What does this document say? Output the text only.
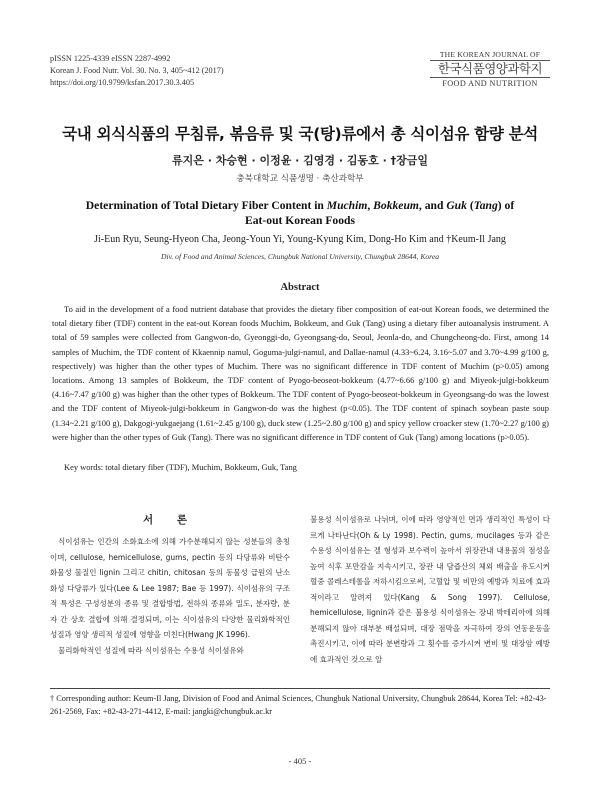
pISSN 1225-4339 eISSN 2287-4992
Korean J. Food Nutr. Vol. 30. No. 3, 405~412 (2017)
https://doi.org/10.9799/ksfan.2017.30.3.405
THE KOREAN JOURNAL OF
한국식품영양과학지
FOOD AND NUTRITION
국내 외식식품의 무침류, 볶음류 및 국(탕)류에서 총 식이섬유 함량 분석
류지은 · 차승현 · 이정윤 · 김영경 · 김동호 · †장금일
충북대학교 식품생명 · 축산과학부
Determination of Total Dietary Fiber Content in Muchim, Bokkeum, and Guk (Tang) of Eat-out Korean Foods
Ji-Eun Ryu, Seung-Hyeon Cha, Jeong-Youn Yi, Young-Kyung Kim, Dong-Ho Kim and †Keum-Il Jang
Div. of Food and Animal Sciences, Chungbuk National University, Chungbuk 28644, Korea
Abstract

To aid in the development of a food nutrient database that provides the dietary fiber composition of eat-out Korean foods, we determined the total dietary fiber (TDF) content in the eat-out Korean foods Muchim, Bokkeum, and Guk (Tang) using a dietary fiber autoanalysis instrument. A total of 59 samples were collected from Gangwon-do, Gyeonggi-do, Gyeongsang-do, Seoul, Jeonla-do, and Chungcheong-do. First, among 14 samples of Muchim, the TDF content of Kkaennip namul, Goguma-julgi-namul, and Dallae-namul (4.33~6.24, 3.16~5.07 and 3.70~4.99 g/100 g, respectively) was higher than the other types of Muchim. There was no significant difference in TDF content of Muchim (p>0.05) among locations. Among 13 samples of Bokkeum, the TDF content of Pyogo-beoseot-bokkeum (4.77~6.66 g/100 g) and Miyeok-julgi-bokkeum (4.16~7.47 g/100 g) was higher than the other types of Bokkeum. The TDF content of Pyogo-beoseot-bokkeum in Gyeongsang-do was the lowest and the TDF content of Miyeok-julgi-bokkeum in Gangwon-do was the highest (p<0.05). The TDF content of spinach soybean paste soup (1.34~2.21 g/100 g), Dakgogi-yukgaejang (1.61~2.45 g/100 g), duck stew (1.25~2.80 g/100 g) and spicy yellow croacker stew (1.70~2.27 g/100 g) were higher than the other types of Guk (Tang). There was no significant difference in TDF content of Guk (Tang) among locations (p>0.05).

Key words: total dietary fiber (TDF), Muchim, Bokkeum, Guk, Tang
서 론

식이섬유는 인간의 소화효소에 의해 가수분해되지 않는 성분들의 총칭이며, cellulose, hemicellulose, gums, pectin 등의 다당류와 비탄수화물성 물질인 lignin 그리고 chitin, chitosan 등의 동물성 급원의 난소화성 다당류가 있다(Lee & Lee 1987; Bae 등 1997). 식이섬유의 구조적 특성은 구성성분의 종류 및 결합방법, 전하의 종류와 밀도, 분자량, 분자 간 상호 결합에 의해 결정되며, 이는 식이섬유의 다양한 물리화학적인 성질과 영양 생리적 성질에 영향을 미친다(Hwang JK 1996).

물리화학적인 성질에 따라 식이섬유는 수용성 식이섬유와

불용성 식이섬유로 나뉘며, 이에 따라 영양적인 면과 생리적인 특성이 다르게 나타난다(Oh & Ly 1998). Pectin, gums, mucilages 등과 같은 수용성 식이섬유는 겔 형성과 보수력이 높아서 위장관내 내용물의 점성을 높여 식후 포만감을 지속시키고, 장관 내 담즙산의 체외 배출을 유도시켜 혈중 콜레스테롤을 저하시킴으로써, 고혈압 및 비만의 예방과 치료에 효과적이라고 알려져 있다(Kang & Song 1997). Cellulose, hemicellulose, lignin과 같은 불용성 식이섬유는 장내 박테리아에 의해 분해되지 않아 대부분 배설되며, 대장 점막을 자극하여 장의 연동운동을 촉진시키고, 이에 따라 분변량과 그 횟수를 증가시켜 변비 및 대장암 예방에 효과적인 것으로 알

† Corresponding author: Keum-Il Jang, Division of Food and Animal Sciences, Chungbuk National University, Chungbuk 28644, Korea Tel: +82-43-261-2569, Fax: +82-43-271-4412, E-mail: jangki@chungbuk.ac.kr
- 405 -
